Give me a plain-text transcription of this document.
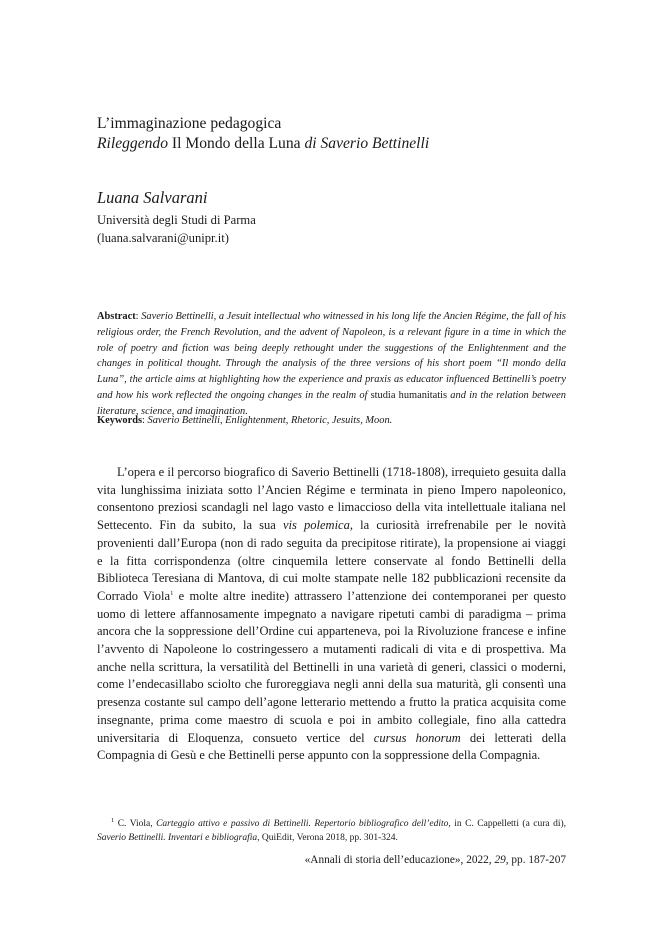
L’immaginazione pedagogica
Rileggendo Il Mondo della Luna di Saverio Bettinelli
Luana Salvarani
Università degli Studi di Parma
(luana.salvarani@unipr.it)
Abstract: Saverio Bettinelli, a Jesuit intellectual who witnessed in his long life the Ancien Régime, the fall of his religious order, the French Revolution, and the advent of Napoleon, is a relevant figure in a time in which the role of poetry and fiction was being deeply rethought under the suggestions of the Enlightenment and the changes in political thought. Through the analysis of the three versions of his short poem “Il mondo della Luna”, the article aims at highlighting how the experience and praxis as educator influenced Bettinelli’s poetry and how his work reflected the ongoing changes in the realm of studia humanitatis and in the relation between literature, science, and imagination.
Keywords: Saverio Bettinelli, Enlightenment, Rhetoric, Jesuits, Moon.
L’opera e il percorso biografico di Saverio Bettinelli (1718-1808), irrequieto gesuita dalla vita lunghissima iniziata sotto l’Ancien Régime e terminata in pieno Impero napoleonico, consentono preziosi scandagli nel lago vasto e limaccioso della vita intellettuale italiana nel Settecento. Fin da subito, la sua vis polemica, la curiosità irrefrenabile per le novità provenienti dall’Europa (non di rado seguita da precipitose ritirate), la propensione ai viaggi e la fitta corrispondenza (oltre cinquemila lettere conservate al fondo Bettinelli della Biblioteca Teresiana di Mantova, di cui molte stampate nelle 182 pubblicazioni recensite da Corrado Viola$^1$ e molte altre inedite) attrassero l’attenzione dei contemporanei per questo uomo di lettere affannosamente impegnato a navigare ripetuti cambi di paradigma – prima ancora che la soppressione dell’Ordine cui apparteneva, poi la Rivoluzione francese e infine l’avvento di Napoleone lo costringessero a mutamenti radicali di vita e di prospettiva. Ma anche nella scrittura, la versatilità del Bettinelli in una varietà di generi, classici o moderni, come l’endecasillabo sciolto che furoreggiava negli anni della sua maturità, gli consentì una presenza costante sul campo dell’agone letterario mettendo a frutto la pratica acquisita come insegnante, prima come maestro di scuola e poi in ambito collegiale, fino alla cattedra universitaria di Eloquenza, consueto vertice del cursus honorum dei letterati della Compagnia di Gesù e che Bettinelli perse appunto con la soppressione della Compagnia.
$^1$ C. Viola, Carteggio attivo e passivo di Bettinelli. Repertorio bibliografico dell’edito, in C. Cappelletti (a cura di), Saverio Bettinelli. Inventari e bibliografia, QuiEdit, Verona 2018, pp. 301-324.
«Annali di storia dell’educazione», 2022, 29, pp. 187-207
